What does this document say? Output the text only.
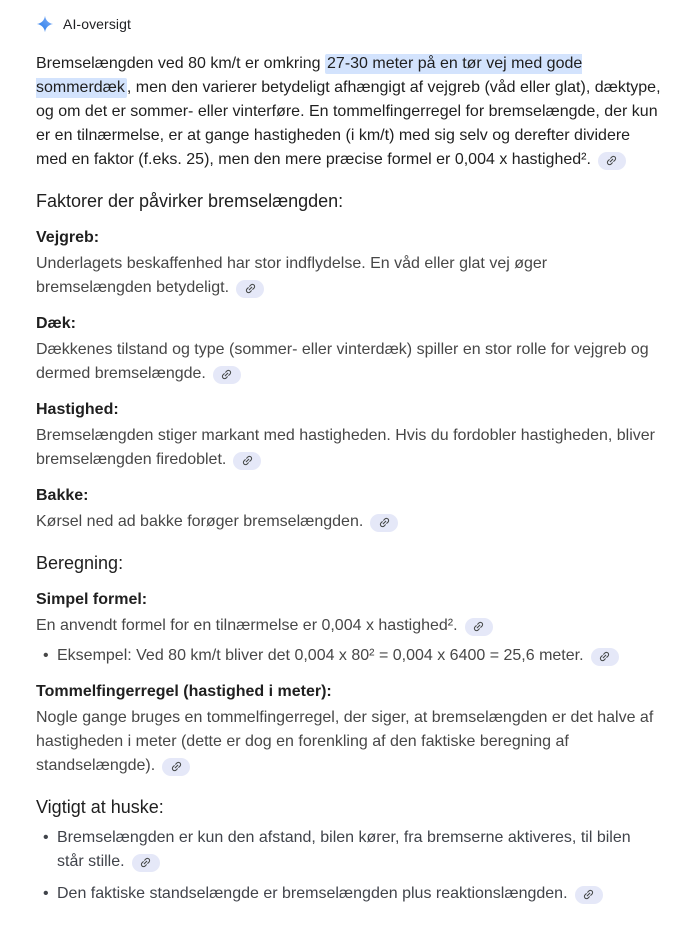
AI-oversigt

Bremselængden ved 80 km/t er omkring 27-30 meter på en tør vej med gode sommerdæk , men den varierer betydeligt afhængigt af vejgreb (våd eller glat), dæktype, og om det er sommer- eller vinterføre. En tommelfingerregel for bremselængde, der kun er en tilnærmelse, er at gange hastigheden (i km/t) med sig selv og derefter dividere med en faktor (f.eks. 25), men den mere præcise formel er 0,004 x hastighed².

Faktorer der påvirker bremselængden:
Vejgreb:

Underlagets beskaffenhed har stor indflydelse. En våd eller glat vej øger bremselængden betydeligt.

Dæk:

Dækkenes tilstand og type (sommer- eller vinterdæk) spiller en stor rolle for vejgreb og dermed bremselængde.

Hastighed:

Bremselængden stiger markant med hastigheden. Hvis du fordobler hastigheden, bliver bremselængden firedoblet.

Bakke:

Kørsel ned ad bakke forøger bremselængden.

Beregning:
Simpel formel:

En anvendt formel for en tilnærmelse er 0,004 x hastighed².

• Eksempel: Ved 80 km/t bliver det 0,004 x 80² = 0,004 x 6400 = 25,6 meter.
Tommelfingerregel (hastighed i meter):

Nogle gange bruges en tommelfingerregel, der siger, at bremselængden er det halve af hastigheden i meter (dette er dog en forenkling af den faktiske beregning af standselængde).

Vigtigt at huske:
• Bremselængden er kun den afstand, bilen kører, fra bremserne aktiveres, til bilen står stille.
• Den faktiske standselængde er bremselængden plus reaktionslængden.
